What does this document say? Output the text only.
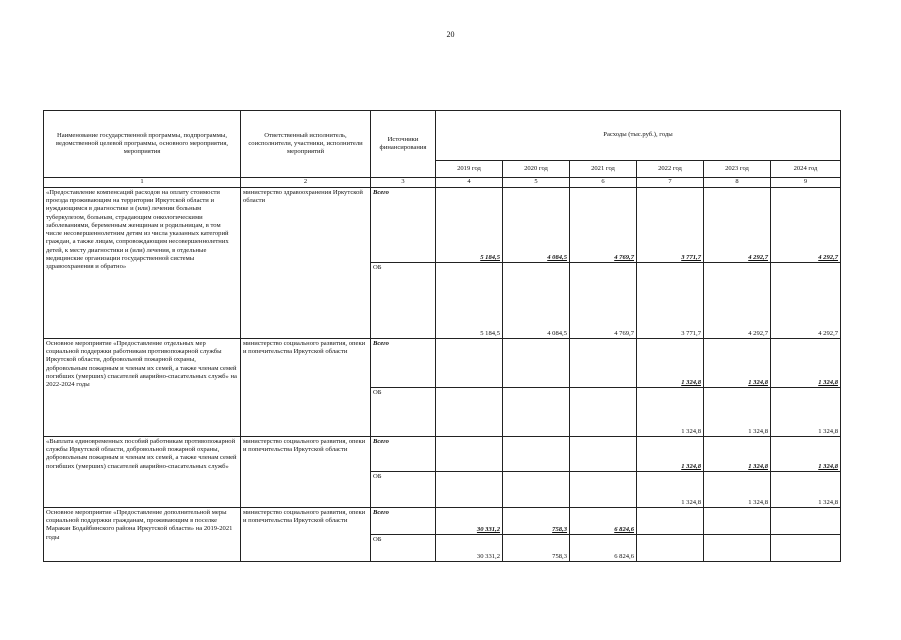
20
Наименование государственной программы, подпрограммы, ведомственной целевой программы, основного мероприятия, мероприятия	Ответственный исполнитель, соисполнители, участники, исполнители мероприятий	Источники финансирования	Расходы (тыс.руб.), годы					
			2019 год	2020 год	2021 год	2022 год	2023 год	2024 год
1	2	3	4	5	6	7	8	9
«Предоставление компенсаций расходов на оплату стоимости проезда проживающим на территории Иркутской области и нуждающимся в диагностике и (или) лечении больным туберкулезом, больным, страдающим онкологическими заболеваниями, беременным женщинам и родильницам, в том числе несовершеннолетним детям из числа указанных категорий граждан, а также лицам, сопровождающим несовершеннолетних детей, к месту диагностики и (или) лечения, в отдельные медицинские организации государственной системы здравоохранения и обратно»	министерство здравоохранения Иркутской области	Всего	5 184,5	4 084,5	4 769,7	3 771,7	4 292,7	4 292,7
		ОБ	5 184,5	4 084,5	4 769,7	3 771,7	4 292,7	4 292,7
Основное мероприятие «Предоставление отдельных мер социальной поддержки работникам противопожарной службы Иркутской области, добровольной пожарной охраны, добровольным пожарным и членам их семей, а также членам семей погибших (умерших) спасателей аварийно-спасательных служб» на 2022-2024 годы	министерство социального развития, опеки и попечительства Иркутской области	Всего				1 324,8	1 324,8	1 324,8
		ОБ				1 324,8	1 324,8	1 324,8
«Выплата единовременных пособий работникам противопожарной службы Иркутской области, добровольной пожарной охраны, добровольным пожарным и членам их семей, а также членам семей погибших (умерших) спасателей аварийно-спасательных служб»	министерство социального развития, опеки и попечительства Иркутской области	Всего				1 324,8	1 324,8	1 324,8
		ОБ				1 324,8	1 324,8	1 324,8
Основное мероприятие «Предоставление дополнительной меры социальной поддержки гражданам, проживающим в поселке Маракан Бодайбинского района Иркутской области» на 2019-2021 годы	министерство социального развития, опеки и попечительства Иркутской области	Всего	30 331,2	758,3	6 824,6			
		ОБ	30 331,2	758,3	6 824,6			
